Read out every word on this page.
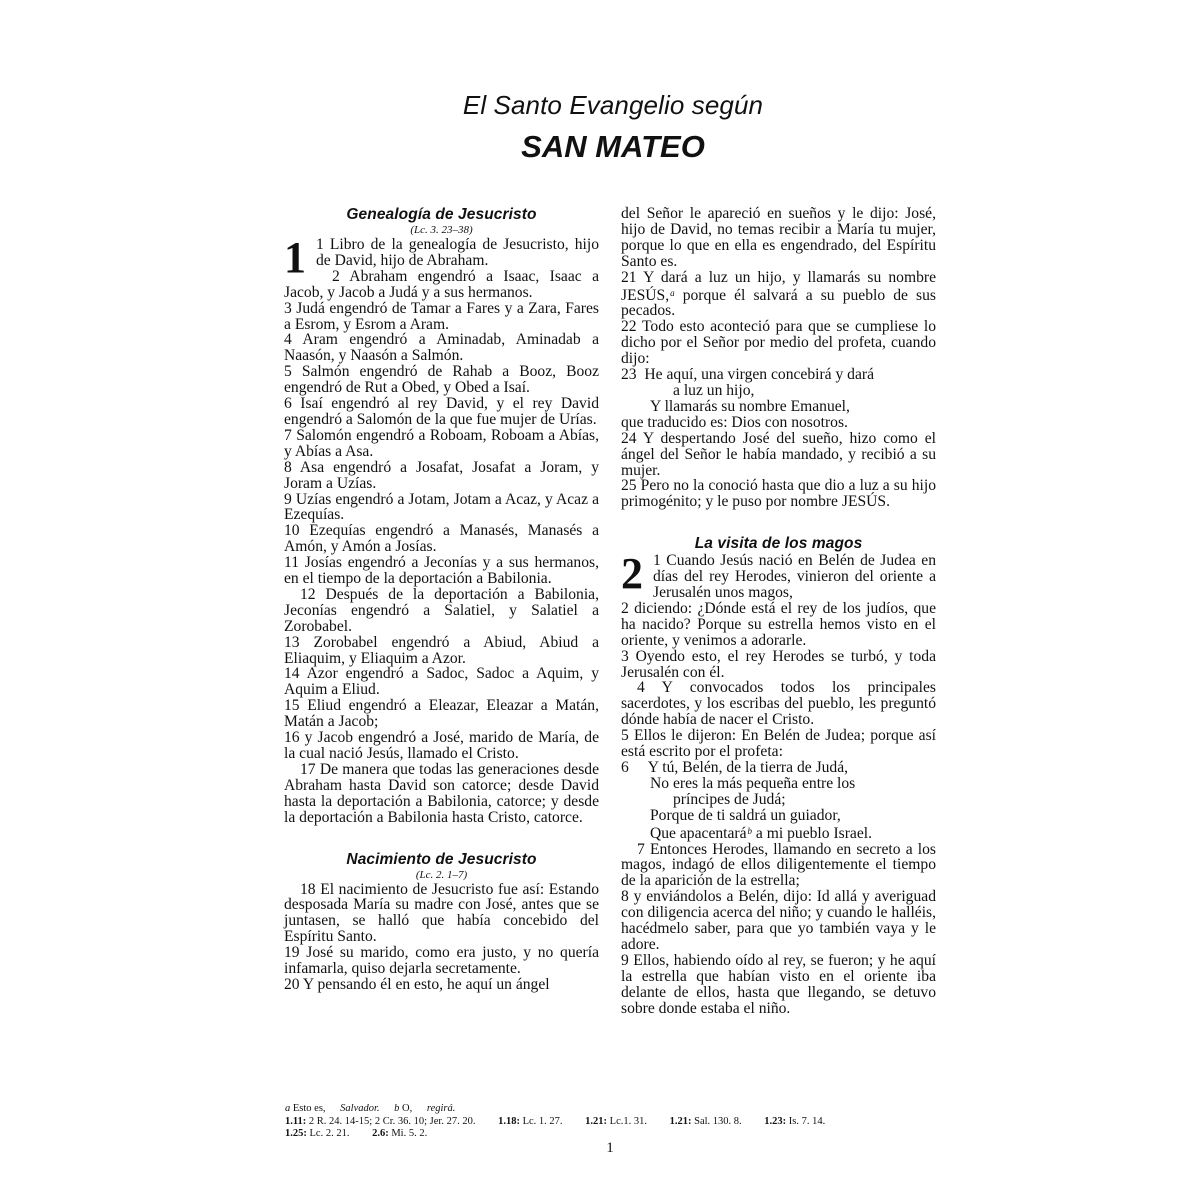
El Santo Evangelio según
SAN MATEO
Genealogía de Jesucristo
(Lc. 3. 23–38)

1 1 Libro de la genealogía de Jesucristo, hijo de David, hijo de Abraham.

2 Abraham engendró a Isaac, Isaac a Jacob, y Jacob a Judá y a sus hermanos.

3 Judá engendró de Tamar a Fares y a Zara, Fares a Esrom, y Esrom a Aram.

4 Aram engendró a Aminadab, Aminadab a Naasón, y Naasón a Salmón.

5 Salmón engendró de Rahab a Booz, Booz engendró de Rut a Obed, y Obed a Isaí.

6 Isaí engendró al rey David, y el rey David engendró a Salomón de la que fue mujer de Urías.

7 Salomón engendró a Roboam, Roboam a Abías, y Abías a Asa.

8 Asa engendró a Josafat, Josafat a Joram, y Joram a Uzías.

9 Uzías engendró a Jotam, Jotam a Acaz, y Acaz a Ezequías.

10 Ezequías engendró a Manasés, Manasés a Amón, y Amón a Josías.

11 Josías engendró a Jeconías y a sus hermanos, en el tiempo de la deportación a Babilonia.

12 Después de la deportación a Babilonia, Jeconías engendró a Salatiel, y Salatiel a Zorobabel.

13 Zorobabel engendró a Abiud, Abiud a Eliaquim, y Eliaquim a Azor.

14 Azor engendró a Sadoc, Sadoc a Aquim, y Aquim a Eliud.

15 Eliud engendró a Eleazar, Eleazar a Matán, Matán a Jacob;

16 y Jacob engendró a José, marido de María, de la cual nació Jesús, llamado el Cristo.

17 De manera que todas las generaciones desde Abraham hasta David son catorce; desde David hasta la deportación a Babilonia, catorce; y desde la deportación a Babilonia hasta Cristo, catorce.

Nacimiento de Jesucristo
(Lc. 2. 1–7)

18 El nacimiento de Jesucristo fue así: Estando desposada María su madre con José, antes que se juntasen, se halló que había concebido del Espíritu Santo.

19 José su marido, como era justo, y no quería infamarla, quiso dejarla secretamente.

20 Y pensando él en esto, he aquí un ángel

del Señor le apareció en sueños y le dijo: José, hijo de David, no temas recibir a María tu mujer, porque lo que en ella es engendrado, del Espíritu Santo es.

21 Y dará a luz un hijo, y llamarás su nombre JESÚS,$^a$ porque él salvará a su pueblo de sus pecados.

22 Todo esto aconteció para que se cumpliese lo dicho por el Señor por medio del profeta, cuando dijo:

23  He aquí, una virgen concebirá y dará
a luz un hijo,
Y llamarás su nombre Emanuel,
que traducido es: Dios con nosotros.

24 Y despertando José del sueño, hizo como el ángel del Señor le había mandado, y recibió a su mujer.

25 Pero no la conoció hasta que dio a luz a su hijo primogénito; y le puso por nombre JESÚS.

La visita de los magos

2 1 Cuando Jesús nació en Belén de Judea en días del rey Herodes, vinieron del oriente a Jerusalén unos magos,

2 diciendo: ¿Dónde está el rey de los judíos, que ha nacido? Porque su estrella hemos visto en el oriente, y venimos a adorarle.

3 Oyendo esto, el rey Herodes se turbó, y toda Jerusalén con él.

4 Y convocados todos los principales sacerdotes, y los escribas del pueblo, les preguntó dónde había de nacer el Cristo.

5 Ellos le dijeron: En Belén de Judea; porque así está escrito por el profeta:

6     Y tú, Belén, de la tierra de Judá,
No eres la más pequeña entre los
príncipes de Judá;
Porque de ti saldrá un guiador,
Que apacentará$^b$ a mi pueblo Israel.

7 Entonces Herodes, llamando en secreto a los magos, indagó de ellos diligentemente el tiempo de la aparición de la estrella;

8 y enviándolos a Belén, dijo: Id allá y averiguad con diligencia acerca del niño; y cuando le halléis, hacédmelo saber, para que yo también vaya y le adore.

9 Ellos, habiendo oído al rey, se fueron; y he aquí la estrella que habían visto en el oriente iba delante de ellos, hasta que llegando, se detuvo sobre donde estaba el niño.

a Esto es, Salvador. b O, regirá.
1.11: 2 R. 24. 14-15; 2 Cr. 36. 10; Jer. 27. 20. 1.18: Lc. 1. 27. 1.21: Lc.1. 31. 1.21: Sal. 130. 8. 1.23: Is. 7. 14.
1.25: Lc. 2. 21. 2.6: Mi. 5. 2.
1
